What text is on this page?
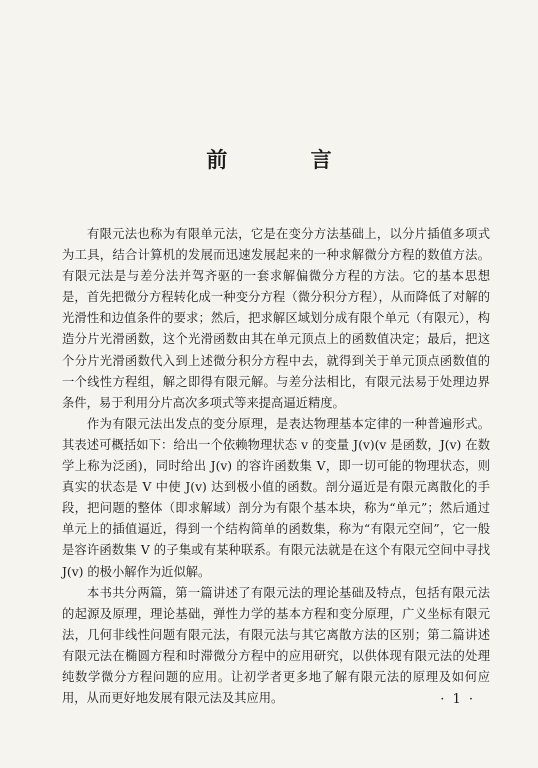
前 言

有限元法也称为有限单元法，它是在变分方法基础上，以分片插值多项式为工具，结合计算机的发展而迅速发展起来的一种求解微分方程的数值方法。有限元法是与差分法并驾齐驱的一套求解偏微分方程的方法。它的基本思想是，首先把微分方程转化成一种变分方程（微分积分方程），从而降低了对解的光滑性和边值条件的要求；然后，把求解区域划分成有限个单元（有限元），构造分片光滑函数，这个光滑函数由其在单元顶点上的函数值决定；最后，把这个分片光滑函数代入到上述微分积分方程中去，就得到关于单元顶点函数值的一个线性方程组，解之即得有限元解。与差分法相比，有限元法易于处理边界条件，易于利用分片高次多项式等来提高逼近精度。

作为有限元法出发点的变分原理，是表达物理基本定律的一种普遍形式。其表述可概括如下：给出一个依赖物理状态 v 的变量 J(v)(v 是函数，J(v) 在数学上称为泛函)，同时给出 J(v) 的容许函数集 V，即一切可能的物理状态，则真实的状态是 V 中使 J(v) 达到极小值的函数。剖分逼近是有限元离散化的手段，把问题的整体（即求解域）剖分为有限个基本块，称为“单元”；然后通过单元上的插值逼近，得到一个结构简单的函数集，称为“有限元空间”，它一般是容许函数集 V 的子集或有某种联系。有限元法就是在这个有限元空间中寻找 J(v) 的极小解作为近似解。

本书共分两篇，第一篇讲述了有限元法的理论基础及特点，包括有限元法的起源及原理，理论基础，弹性力学的基本方程和变分原理，广义坐标有限元法，几何非线性问题有限元法，有限元法与其它离散方法的区别；第二篇讲述有限元法在椭圆方程和时滞微分方程中的应用研究，以供体现有限元法的处理纯数学微分方程问题的应用。让初学者更多地了解有限元法的原理及如何应用，从而更好地发展有限元法及其应用。	· 1 ·
